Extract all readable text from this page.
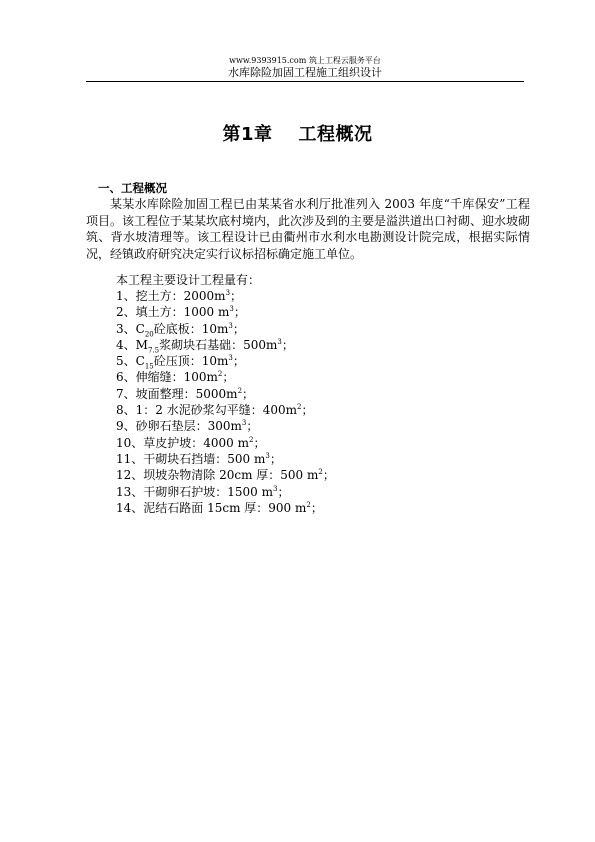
www.9393915.com 筑上工程云服务平台
水库除险加固工程施工组织设计
第1章 工程概况
一、工程概况

某某水库除险加固工程已由某某省水利厅批准列入 2003 年度“千库保安”工程项目。该工程位于某某坎底村境内，此次涉及到的主要是溢洪道出口衬砌、迎水坡砌筑、背水坡清理等。该工程设计已由衢州市水利水电勘测设计院完成，根据实际情况，经镇政府研究决定实行议标招标确定施工单位。

本工程主要设计工程量有：
1、挖土方：$2000m^3$；
2、填土方：1000 $m^3$；
3、$C_{20}$砼底板：$10m^3$；
4、$M_{7.5}$浆砌块石基础：$500m^3$；
5、$C_{15}$砼压顶：$10m^3$；
6、伸缩缝：$100m^2$；
7、坡面整理：$5000m^2$；
8、1：2 水泥砂浆勾平缝：$400m^2$；
9、砂卵石垫层：$300m^3$；
10、草皮护坡：4000 $m^2$；
11、干砌块石挡墙：500 $m^3$；
12、坝坡杂物清除 20cm 厚：500 $m^2$；
13、干砌卵石护坡：1500 $m^3$；
14、泥结石路面 15cm 厚：900 $m^2$；
